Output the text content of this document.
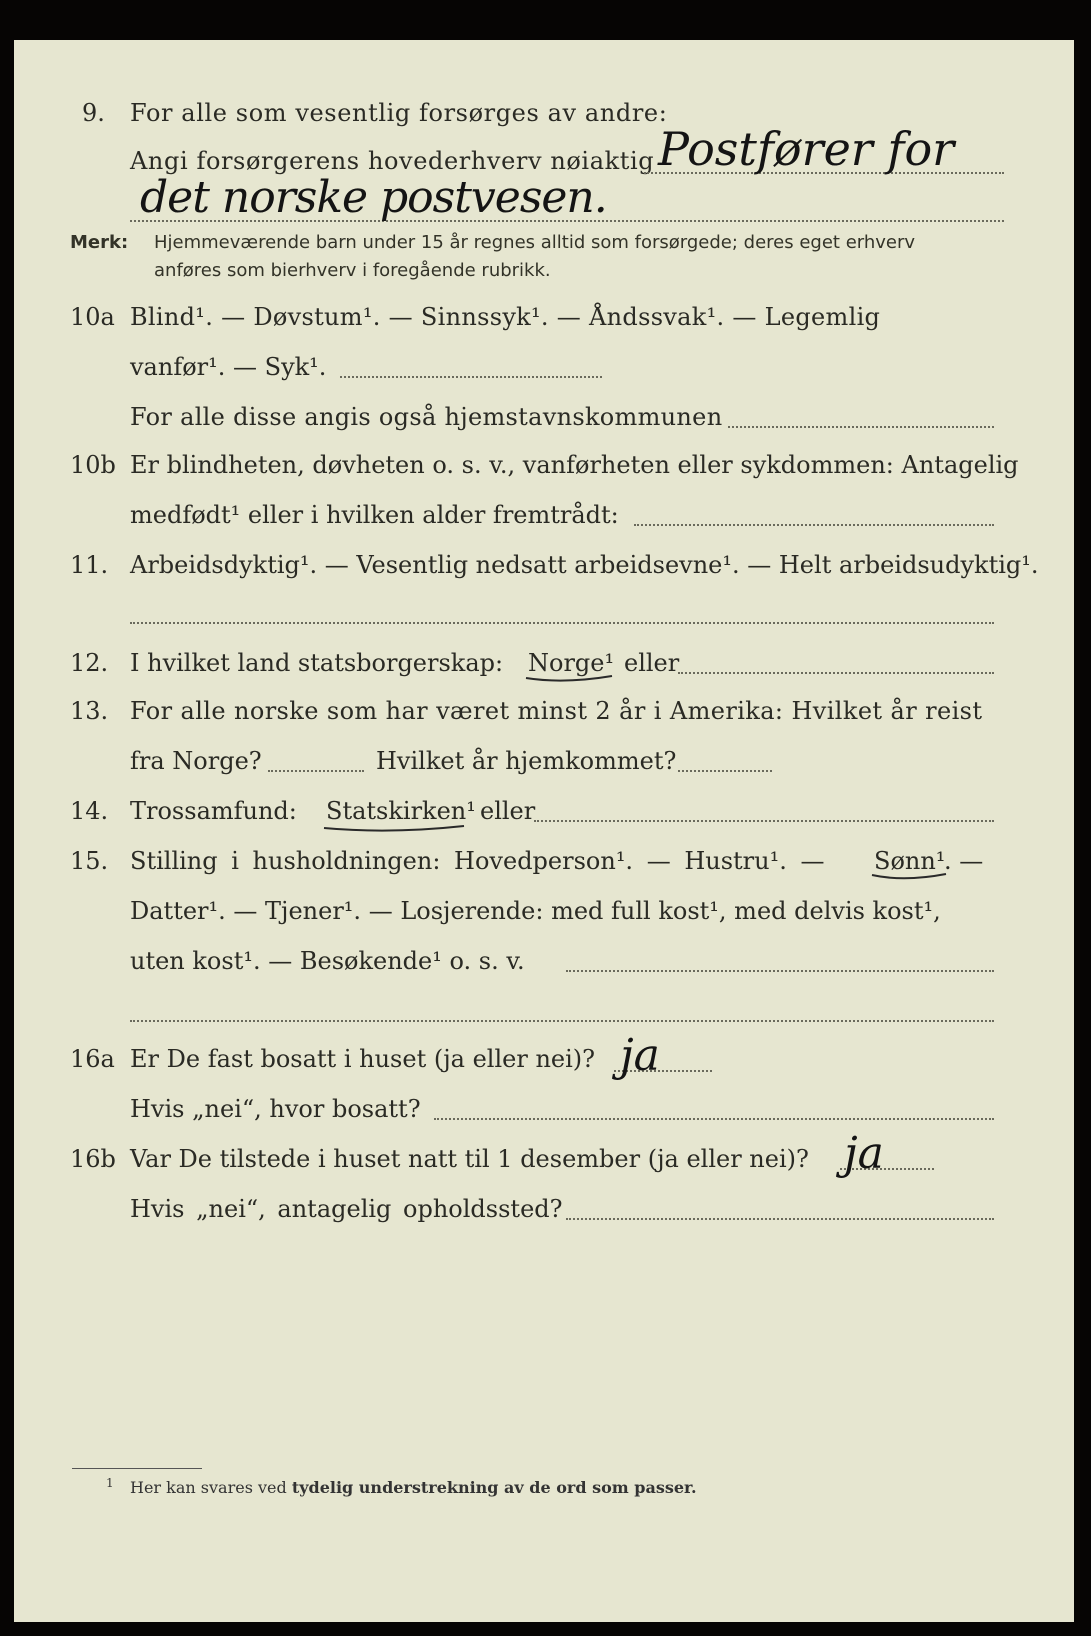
9. For alle som vesentlig forsørges av andre:
Angi forsørgerens hovederhverv nøiaktig Postfører for
det norske postvesen.
Merk: Hjemmeværende barn under 15 år regnes alltid som forsørgede; deres eget erhverv
anføres som bierhverv i foregående rubrikk.
10a Blind¹. — Døvstum¹. — Sinnssyk¹. — Åndssvak¹. — Legemlig
vanfør¹. — Syk¹.
For alle disse angis også hjemstavnskommunen
10b Er blindheten, døvheten o. s. v., vanførheten eller sykdommen: Antagelig
medfødt¹ eller i hvilken alder fremtrådt:
11. Arbeidsdyktig¹. — Vesentlig nedsatt arbeidsevne¹. — Helt arbeidsudyktig¹.
12. I hvilket land statsborgerskap: Norge¹ eller
13. For alle norske som har været minst 2 år i Amerika: Hvilket år reist
fra Norge?	Hvilket år hjemkommet?
14. Trossamfund: Statskirken¹ eller
15. Stilling i husholdningen: Hovedperson¹. — Hustru¹. — Sønn¹
. —
Datter¹. — Tjener¹. — Losjerende: med full kost¹, med delvis kost¹,
uten kost¹. — Besøkende¹ o. s. v.
16a Er De fast bosatt i huset (ja eller nei)? ja
Hvis „nei“, hvor bosatt?
16b Var De tilstede i huset natt til 1 desember (ja eller nei)? ja
Hvis „nei“, antagelig opholdssted?
1 Her kan svares ved tydelig understrekning av de ord som passer.
